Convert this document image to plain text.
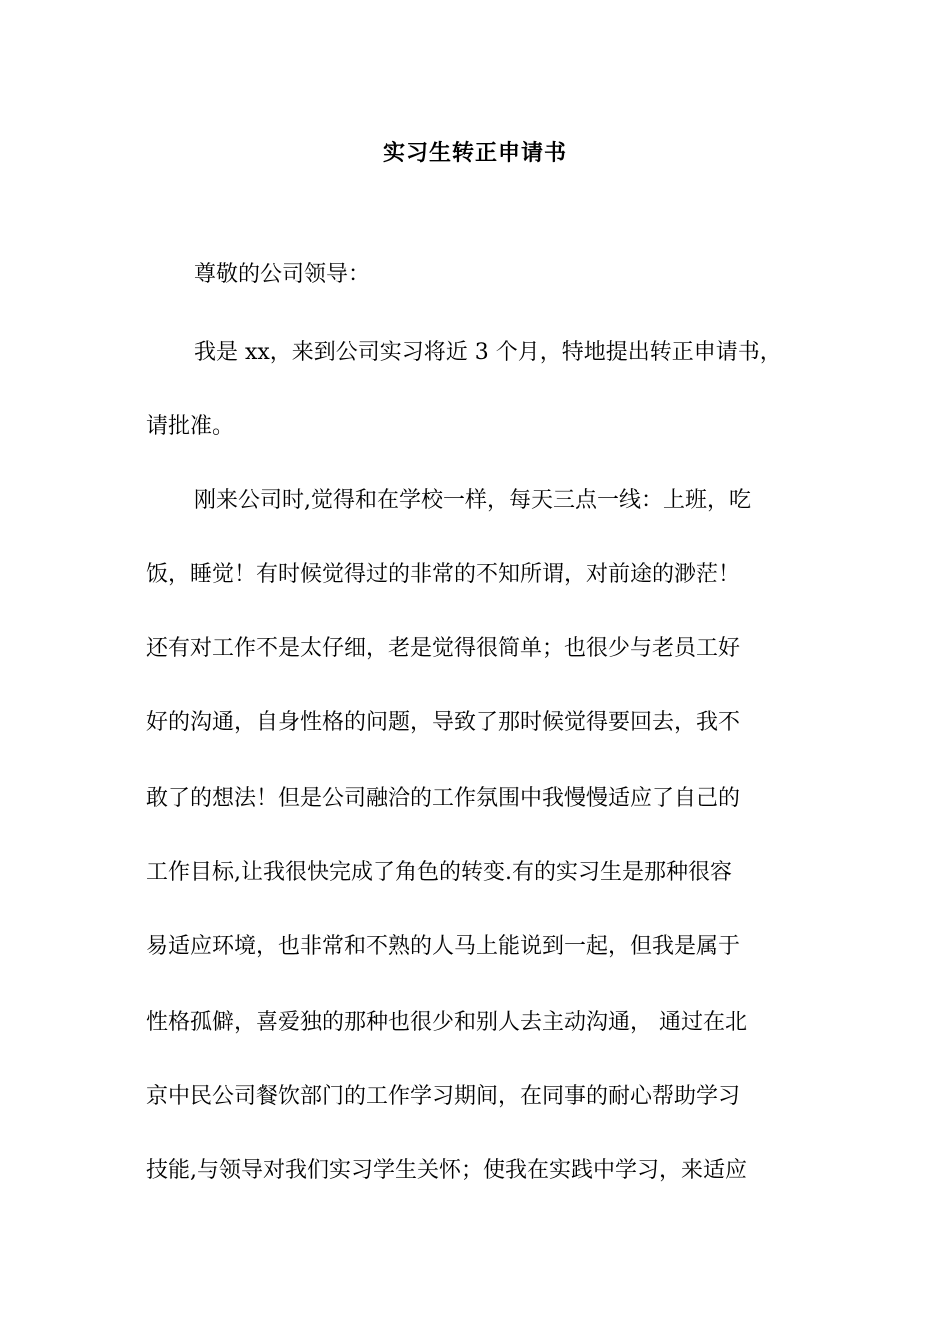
实习生转正申请书
尊敬的公司领导：
我是 xx，来到公司实习将近 3 个月，特地提出转正申请书，
请批准。
刚来公司时,觉得和在学校一样，每天三点一线：上班，吃
饭，睡觉！有时候觉得过的非常的不知所谓，对前途的渺茫！
还有对工作不是太仔细，老是觉得很简单；也很少与老员工好
好的沟通，自身性格的问题，导致了那时候觉得要回去，我不
敢了的想法！但是公司融洽的工作氛围中我慢慢适应了自己的
工作目标,让我很快完成了角色的转变.有的实习生是那种很容
易适应环境，也非常和不熟的人马上能说到一起，但我是属于
性格孤僻，喜爱独的那种也很少和别人去主动沟通， 通过在北
京中民公司餐饮部门的工作学习期间，在同事的耐心帮助学习
技能,与领导对我们实习学生关怀；使我在实践中学习，来适应
